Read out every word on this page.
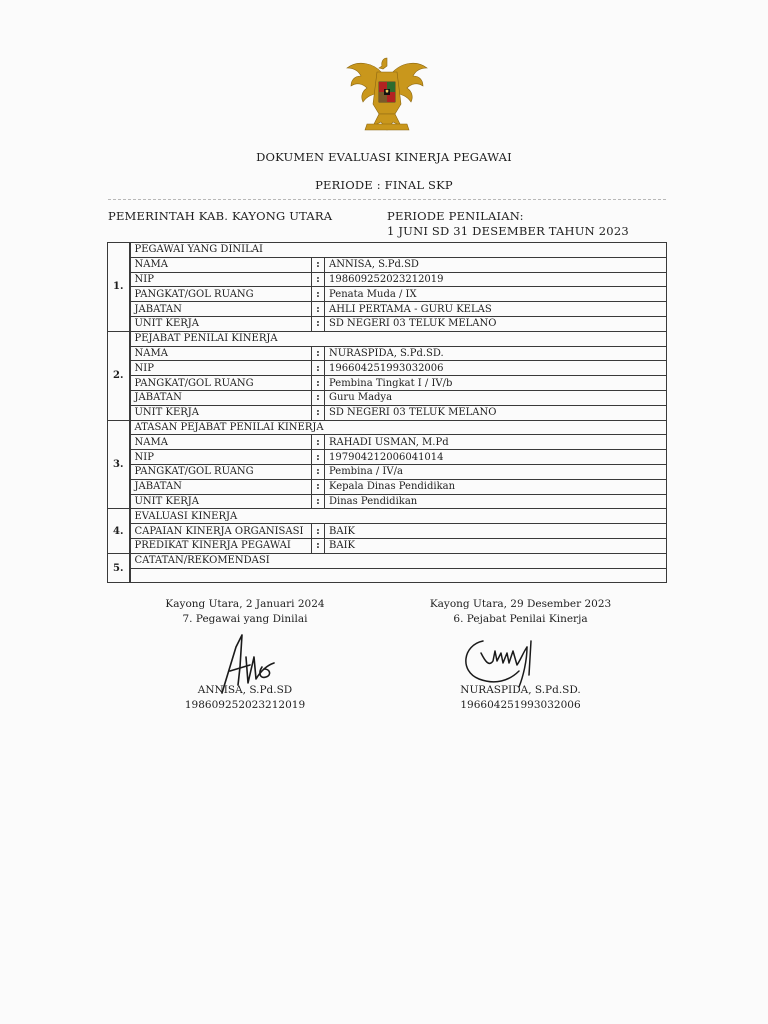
DOKUMEN EVALUASI KINERJA PEGAWAI
PERIODE : FINAL SKP
PEMERINTAH KAB. KAYONG UTARA	PERIODE PENILAIAN:
1 JUNI SD 31 DESEMBER TAHUN 2023
1.	PEGAWAI YANG DINILAI		
	NAMA	:	ANNISA, S.Pd.SD
	NIP	:	198609252023212019
	PANGKAT/GOL RUANG	:	Penata Muda / IX
	JABATAN	:	AHLI PERTAMA - GURU KELAS
	UNIT KERJA	:	SD NEGERI 03 TELUK MELANO
2.	PEJABAT PENILAI KINERJA		
	NAMA	:	NURASPIDA, S.Pd.SD.
	NIP	:	196604251993032006
	PANGKAT/GOL RUANG	:	Pembina Tingkat I / IV/b
	JABATAN	:	Guru Madya
	UNIT KERJA	:	SD NEGERI 03 TELUK MELANO
3.	ATASAN PEJABAT PENILAI KINERJA		
	NAMA	:	RAHADI USMAN, M.Pd
	NIP	:	197904212006041014
	PANGKAT/GOL RUANG	:	Pembina / IV/a
	JABATAN	:	Kepala Dinas Pendidikan
	UNIT KERJA	:	Dinas Pendidikan
4.	EVALUASI KINERJA		
	CAPAIAN KINERJA ORGANISASI	:	BAIK
	PREDIKAT KINERJA PEGAWAI	:	BAIK
5.	CATATAN/REKOMENDASI		

Kayong Utara, 2 Januari 2024
7. Pegawai yang Dinilai
ANNISA, S.Pd.SD
198609252023212019
Kayong Utara, 29 Desember 2023
6. Pejabat Penilai Kinerja
NURASPIDA, S.Pd.SD.
196604251993032006
